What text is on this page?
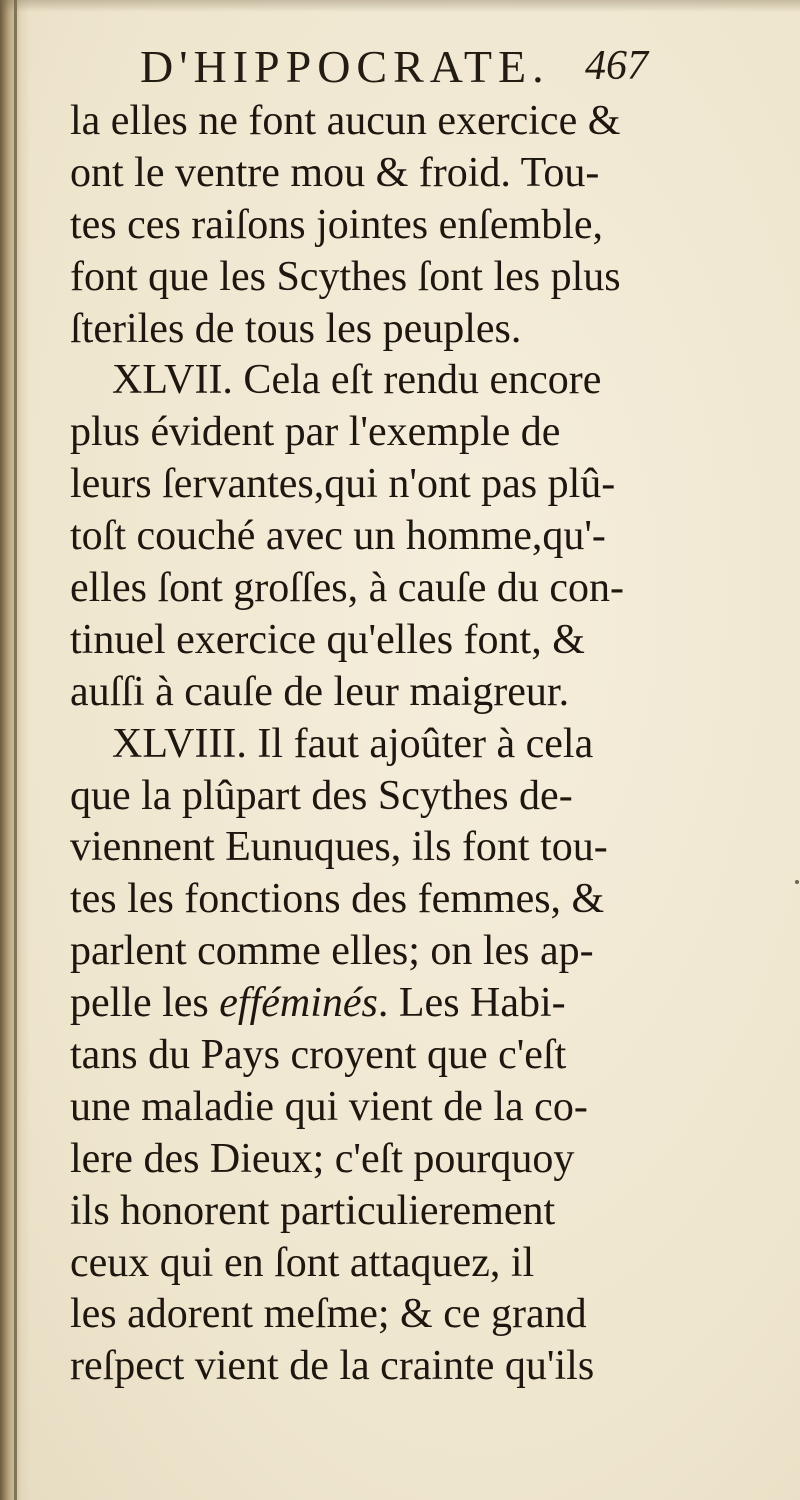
D'HIPPOCRATE. 467
la elles ne font aucun exercice &
ont le ventre mou & froid. Tou-
tes ces raiſons jointes enſemble,
font que les Scythes ſont les plus
ſteriles de tous les peuples.
XLVII. Cela eſt rendu encore
plus évident par l'exemple de
leurs ſervantes,qui n'ont pas plû-
toſt couché avec un homme,qu'-
elles ſont groſſes, à cauſe du con-
tinuel exercice qu'elles font, &
auſſi à cauſe de leur maigreur.
XLVIII. Il faut ajoûter à cela
que la plûpart des Scythes de-
viennent Eunuques, ils font tou-
tes les fonctions des femmes, &
parlent comme elles; on les ap-
pelle les efféminés. Les Habi-
tans du Pays croyent que c'eſt
une maladie qui vient de la co-
lere des Dieux; c'eſt pourquoy
ils honorent particulierement
ceux qui en ſont attaquez, il
les adorent meſme; & ce grand
reſpect vient de la crainte qu'ils
